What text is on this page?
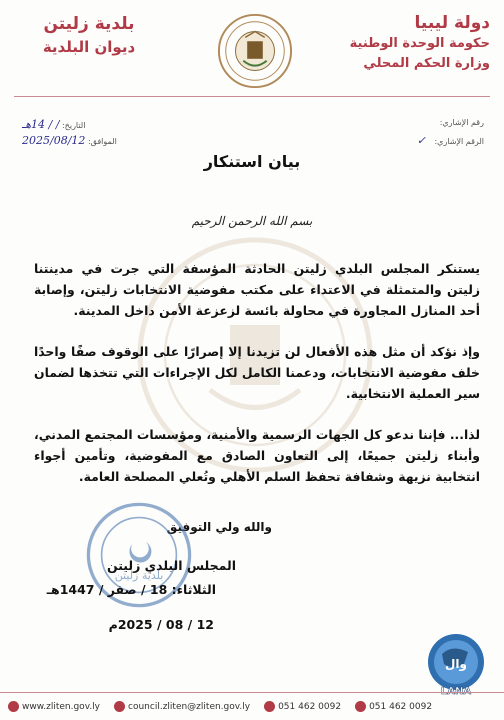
دولة ليبيا
حكومة الوحدة الوطنية
وزارة الحكم المحلي
بلدية زليتن
ديوان البلدية
رقم الإشاري:
الرقم الإشاري: ✓
التاريخ: / / 14هـ
الموافق: 2025/08/12
بيان استنكار
بسم الله الرحمن الرحيم
يستنكر المجلس البلدي زليتن الحادثة المؤسفة التي جرت في مدينتنا زليتن والمتمثلة في الاعتداء على مكتب مفوضية الانتخابات زليتن، وإصابة أحد المنازل المجاورة في محاولة بائسة لزعزعة الأمن داخل المدينة.
وإذ نؤكد أن مثل هذه الأفعال لن تزيدنا إلا إصرارًا على الوقوف صفًا واحدًا خلف مفوضية الانتخابات، ودعمنا الكامل لكل الإجراءات التي تتخذها لضمان سير العملية الانتخابية.
لذا... فإننا ندعو كل الجهات الرسمية والأمنية، ومؤسسات المجتمع المدني، وأبناء زليتن جميعًا، إلى التعاون الصادق مع المفوضية، وتأمين أجواء انتخابية نزيهة وشفافة تحفظ السلم الأهلي وتُعلي المصلحة العامة.
والله ولي التوفيق
بلدية زليتن
المجلس البلدي زليتن
الثلاثاء: 18 / صفر / 1447هـ
12 / 08 / 2025م
وال
LANA
www.zliten.gov.ly	council.zliten@zliten.gov.ly	051 462 0092	051 462 0092
